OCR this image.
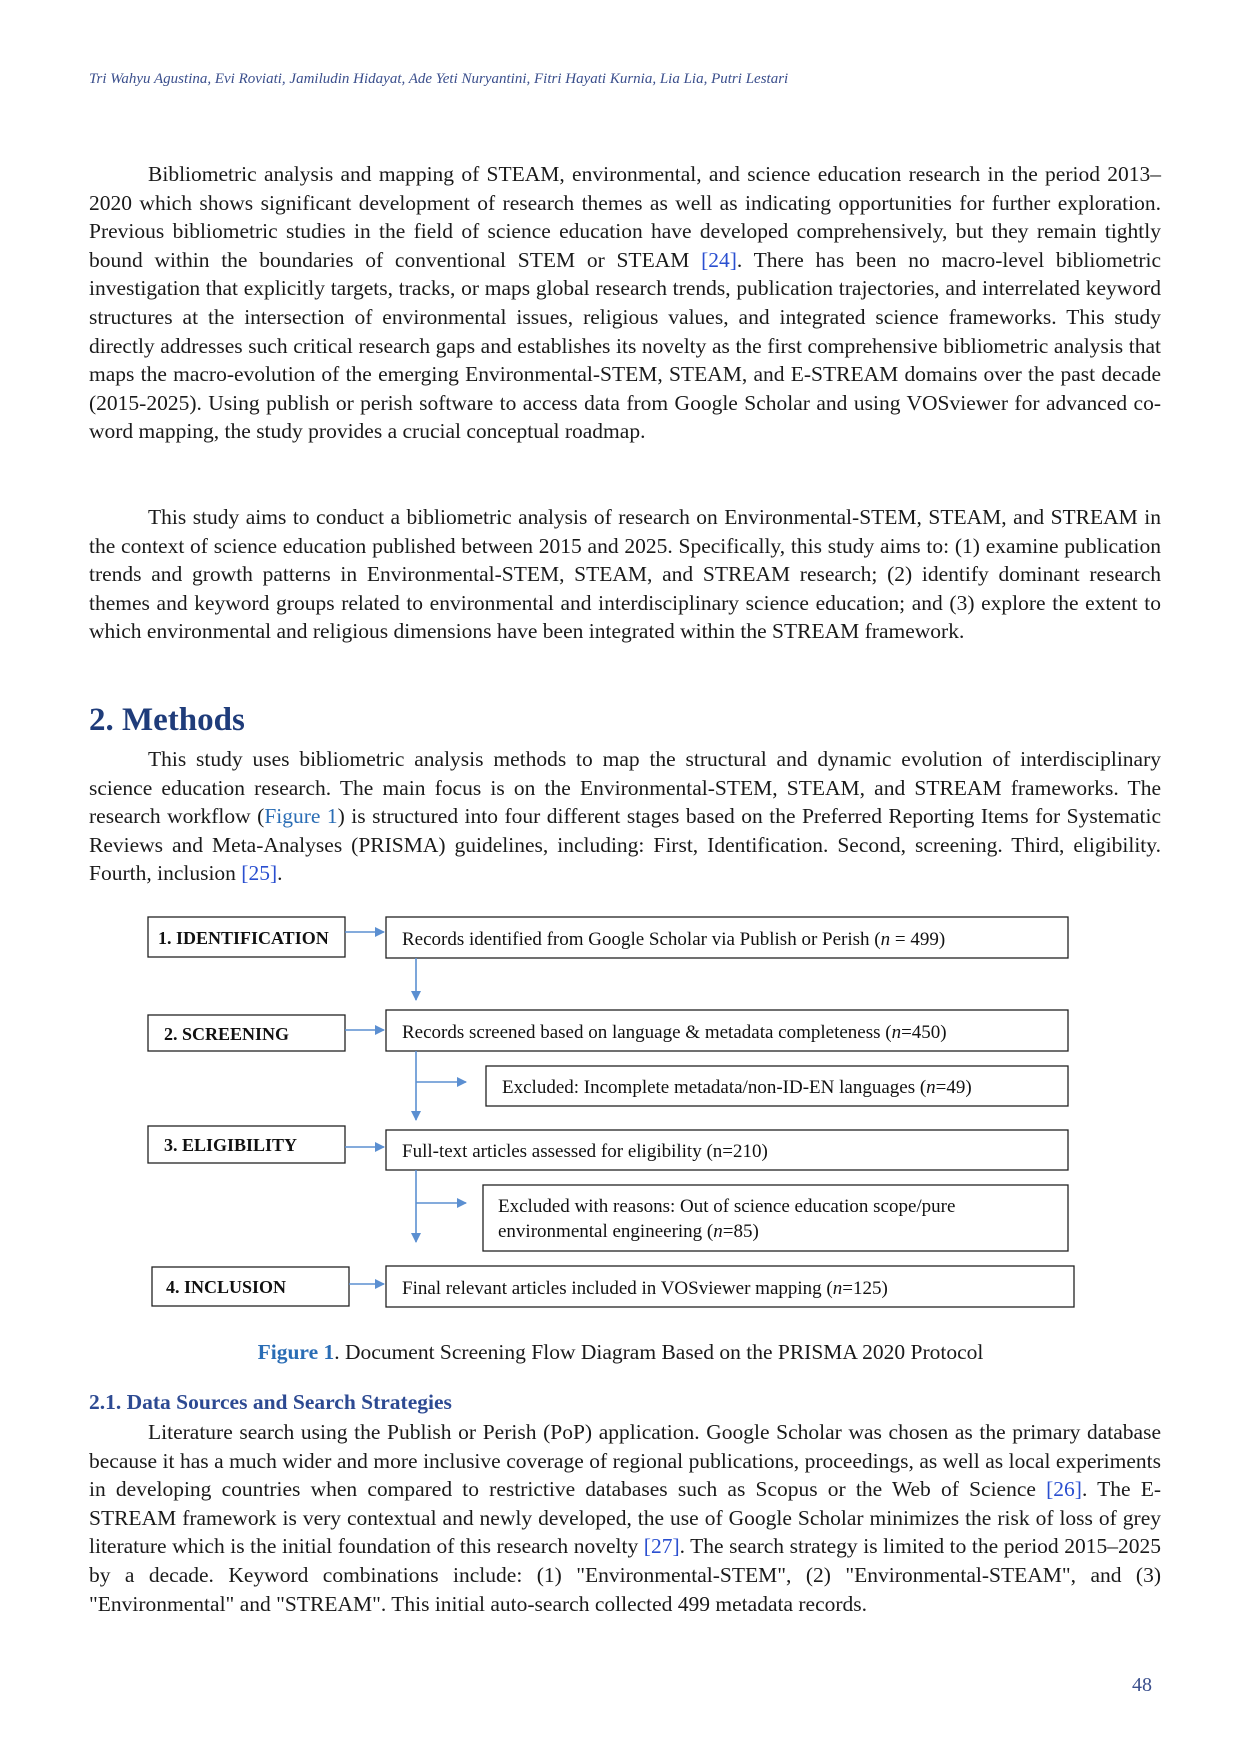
Tri Wahyu Agustina, Evi Roviati, Jamiludin Hidayat, Ade Yeti Nuryantini, Fitri Hayati Kurnia, Lia Lia, Putri Lestari

Bibliometric analysis and mapping of STEAM, environmental, and science education research in the period 2013–2020 which shows significant development of research themes as well as indicating opportunities for further exploration. Previous bibliometric studies in the field of science education have developed comprehensively, but they remain tightly bound within the boundaries of conventional STEM or STEAM [24]. There has been no macro-level bibliometric investigation that explicitly targets, tracks, or maps global research trends, publication trajectories, and interrelated keyword structures at the intersection of environmental issues, religious values, and integrated science frameworks. This study directly addresses such critical research gaps and establishes its novelty as the first comprehensive bibliometric analysis that maps the macro-evolution of the emerging Environmental-STEM, STEAM, and E-STREAM domains over the past decade (2015-2025). Using publish or perish software to access data from Google Scholar and using VOSviewer for advanced co-word mapping, the study provides a crucial conceptual roadmap.

This study aims to conduct a bibliometric analysis of research on Environmental-STEM, STEAM, and STREAM in the context of science education published between 2015 and 2025. Specifically, this study aims to: (1) examine publication trends and growth patterns in Environmental-STEM, STEAM, and STREAM research; (2) identify dominant research themes and keyword groups related to environmental and interdisciplinary science education; and (3) explore the extent to which environmental and religious dimensions have been integrated within the STREAM framework.

2. Methods

This study uses bibliometric analysis methods to map the structural and dynamic evolution of interdisciplinary science education research. The main focus is on the Environmental-STEM, STEAM, and STREAM frameworks. The research workflow (Figure 1) is structured into four different stages based on the Preferred Reporting Items for Systematic Reviews and Meta-Analyses (PRISMA) guidelines, including: First, Identification. Second, screening. Third, eligibility. Fourth, inclusion [25].

1. IDENTIFICATION
2. SCREENING
3. ELIGIBILITY
4. INCLUSION
Records identified from Google Scholar via Publish or Perish (n = 499)
Records screened based on language & metadata completeness (n=450)
Excluded: Incomplete metadata/non-ID-EN languages (n=49)
Full-text articles assessed for eligibility (n=210)
Excluded with reasons: Out of science education scope/pure
environmental engineering (n=85)
Final relevant articles included in VOSviewer mapping (n=125)

Figure 1. Document Screening Flow Diagram Based on the PRISMA 2020 Protocol

2.1. Data Sources and Search Strategies

Literature search using the Publish or Perish (PoP) application. Google Scholar was chosen as the primary database because it has a much wider and more inclusive coverage of regional publications, proceedings, as well as local experiments in developing countries when compared to restrictive databases such as Scopus or the Web of Science [26]. The E-STREAM framework is very contextual and newly developed, the use of Google Scholar minimizes the risk of loss of grey literature which is the initial foundation of this research novelty [27]. The search strategy is limited to the period 2015–2025 by a decade. Keyword combinations include: (1) "Environmental-STEM", (2) "Environmental-STEAM", and (3) "Environmental" and "STREAM". This initial auto-search collected 499 metadata records.

48
